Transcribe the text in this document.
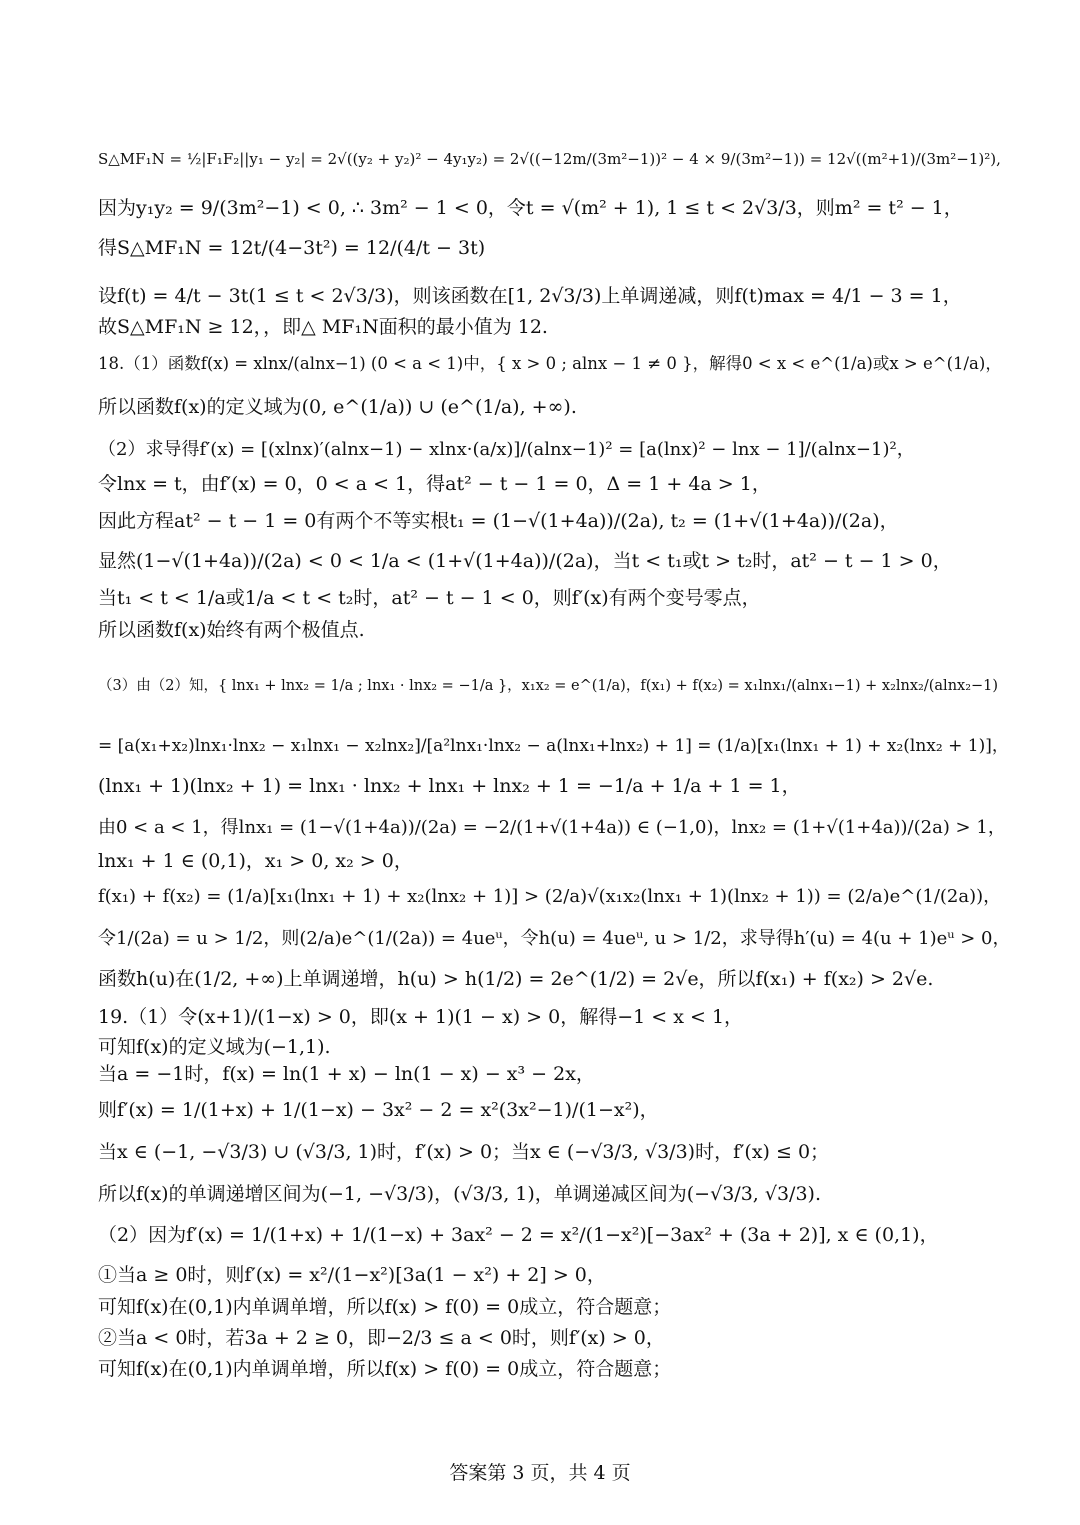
S△MF₁N = ½|F₁F₂||y₁ − y₂| = 2√((y₂ + y₂)² − 4y₁y₂) = 2√((−12m/(3m²−1))² − 4 × 9/(3m²−1)) = 12√((m²+1)/(3m²−1)²),
因为y₁y₂ = 9/(3m²−1) < 0, ∴ 3m² − 1 < 0，令t = √(m² + 1), 1 ≤ t < 2√3/3，则m² = t² − 1，
得S△MF₁N = 12t/(4−3t²) = 12/(4/t − 3t)
设f(t) = 4/t − 3t(1 ≤ t < 2√3/3)，则该函数在[1, 2√3/3)上单调递减，则f(t)max = 4/1 − 3 = 1，
故S△MF₁N ≥ 12，，即△ MF₁N面积的最小值为 12.
18.（1）函数f(x) = xlnx/(alnx−1) (0 < a < 1)中，{ x > 0 ; alnx − 1 ≠ 0 }，解得0 < x < e^(1/a)或x > e^(1/a)，
所以函数f(x)的定义域为(0, e^(1/a)) ∪ (e^(1/a), +∞).
（2）求导得f′(x) = [(xlnx)′(alnx−1) − xlnx·(a/x)]/(alnx−1)² = [a(lnx)² − lnx − 1]/(alnx−1)²，
令lnx = t，由f′(x) = 0，0 < a < 1，得at² − t − 1 = 0，Δ = 1 + 4a > 1，
因此方程at² − t − 1 = 0有两个不等实根t₁ = (1−√(1+4a))/(2a), t₂ = (1+√(1+4a))/(2a)，
显然(1−√(1+4a))/(2a) < 0 < 1/a < (1+√(1+4a))/(2a)，当t < t₁或t > t₂时，at² − t − 1 > 0，
当t₁ < t < 1/a或1/a < t < t₂时，at² − t − 1 < 0，则f′(x)有两个变号零点，
所以函数f(x)始终有两个极值点.
（3）由（2）知，{ lnx₁ + lnx₂ = 1/a ; lnx₁ · lnx₂ = −1/a }，x₁x₂ = e^(1/a)，f(x₁) + f(x₂) = x₁lnx₁/(alnx₁−1) + x₂lnx₂/(alnx₂−1)
= [a(x₁+x₂)lnx₁·lnx₂ − x₁lnx₁ − x₂lnx₂]/[a²lnx₁·lnx₂ − a(lnx₁+lnx₂) + 1] = (1/a)[x₁(lnx₁ + 1) + x₂(lnx₂ + 1)]，
(lnx₁ + 1)(lnx₂ + 1) = lnx₁ · lnx₂ + lnx₁ + lnx₂ + 1 = −1/a + 1/a + 1 = 1，
由0 < a < 1，得lnx₁ = (1−√(1+4a))/(2a) = −2/(1+√(1+4a)) ∈ (−1,0)，lnx₂ = (1+√(1+4a))/(2a) > 1，
lnx₁ + 1 ∈ (0,1)，x₁ > 0, x₂ > 0，
f(x₁) + f(x₂) = (1/a)[x₁(lnx₁ + 1) + x₂(lnx₂ + 1)] > (2/a)√(x₁x₂(lnx₁ + 1)(lnx₂ + 1)) = (2/a)e^(1/(2a))，
令1/(2a) = u > 1/2，则(2/a)e^(1/(2a)) = 4ueᵘ，令h(u) = 4ueᵘ, u > 1/2，求导得h′(u) = 4(u + 1)eᵘ > 0，
函数h(u)在(1/2, +∞)上单调递增，h(u) > h(1/2) = 2e^(1/2) = 2√e，所以f(x₁) + f(x₂) > 2√e.
19.（1）令(x+1)/(1−x) > 0，即(x + 1)(1 − x) > 0，解得−1 < x < 1，
可知f(x)的定义域为(−1,1).
当a = −1时，f(x) = ln(1 + x) − ln(1 − x) − x³ − 2x，
则f′(x) = 1/(1+x) + 1/(1−x) − 3x² − 2 = x²(3x²−1)/(1−x²)，
当x ∈ (−1, −√3/3) ∪ (√3/3, 1)时，f′(x) > 0；当x ∈ (−√3/3, √3/3)时，f′(x) ≤ 0；
所以f(x)的单调递增区间为(−1, −√3/3)，(√3/3, 1)，单调递减区间为(−√3/3, √3/3).
（2）因为f′(x) = 1/(1+x) + 1/(1−x) + 3ax² − 2 = x²/(1−x²)[−3ax² + (3a + 2)], x ∈ (0,1)，
①当a ≥ 0时，则f′(x) = x²/(1−x²)[3a(1 − x²) + 2] > 0，
可知f(x)在(0,1)内单调单增，所以f(x) > f(0) = 0成立，符合题意；
②当a < 0时，若3a + 2 ≥ 0，即−2/3 ≤ a < 0时，则f′(x) > 0，
可知f(x)在(0,1)内单调单增，所以f(x) > f(0) = 0成立，符合题意；
答案第 3 页，共 4 页
